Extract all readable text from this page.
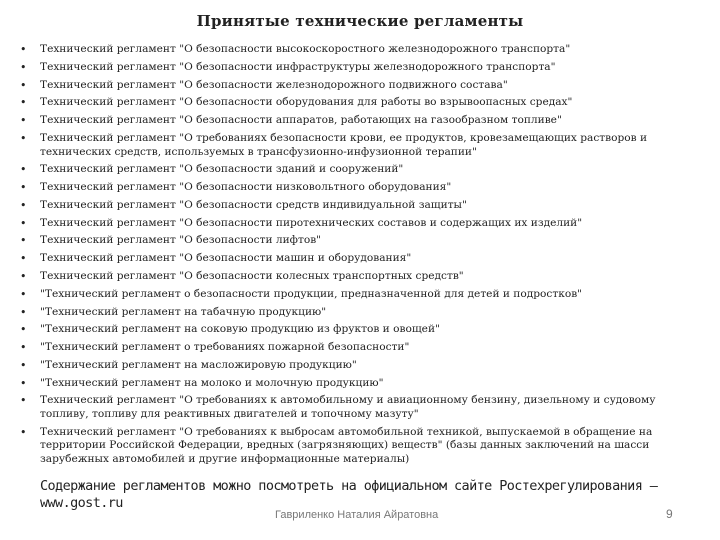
Принятые технические регламенты
• Технический регламент "О безопасности высокоскоростного железнодорожного транспорта"
• Технический регламент "О безопасности инфраструктуры железнодорожного транспорта"
• Технический регламент "О безопасности железнодорожного подвижного состава"
• Технический регламент "О безопасности оборудования для работы во взрывоопасных средах"
• Технический регламент "О безопасности аппаратов, работающих на газообразном топливе"
• Технический регламент "О требованиях безопасности крови, ее продуктов, кровезамещающих растворов и технических средств, используемых в трансфузионно-инфузионной терапии"
• Технический регламент "О безопасности зданий и сооружений"
• Технический регламент "О безопасности низковольтного оборудования"
• Технический регламент "О безопасности средств индивидуальной защиты"
• Технический регламент "О безопасности пиротехнических составов и содержащих их изделий"
• Технический регламент "О безопасности лифтов"
• Технический регламент "О безопасности машин и оборудования"
• Технический регламент "О безопасности колесных транспортных средств"
• "Технический регламент о безопасности продукции, предназначенной для детей и подростков"
• "Технический регламент на табачную продукцию"
• "Технический регламент на соковую продукцию из фруктов и овощей"
• "Технический регламент о требованиях пожарной безопасности"
• "Технический регламент на масложировую продукцию"
• "Технический регламент на молоко и молочную продукцию"
• Технический регламент "О требованиях к автомобильному и авиационному бензину, дизельному и судовому топливу, топливу для реактивных двигателей и топочному мазуту"
• Технический регламент "О требованиях к выбросам автомобильной техникой, выпускаемой в обращение на территории Российской Федерации, вредных (загрязняющих) веществ" (базы данных заключений на шасси зарубежных автомобилей и другие информационные материалы)
Содержание регламентов можно посмотреть на официальном сайте Ростехрегулирования – www.gost.ru
Гавриленко Наталия Айратовна	9
